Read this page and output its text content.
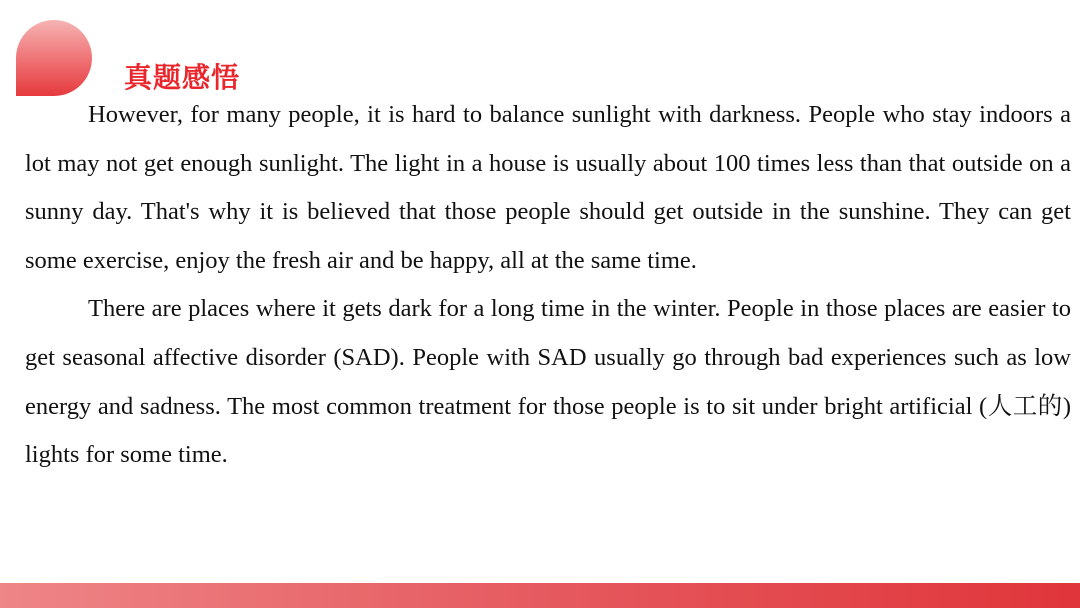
真题感悟

However, for many people, it is hard to balance sunlight with darkness. People who stay indoors a lot may not get enough sunlight. The light in a house is usually about 100 times less than that outside on a sunny day. That's why it is believed that those people should get outside in the sunshine. They can get some exercise, enjoy the fresh air and be happy, all at the same time.

There are places where it gets dark for a long time in the winter. People in those places are easier to get seasonal affective disorder (SAD). People with SAD usually go through bad experiences such as low energy and sadness. The most common treatment for those people is to sit under bright artificial (人工的) lights for some time.
